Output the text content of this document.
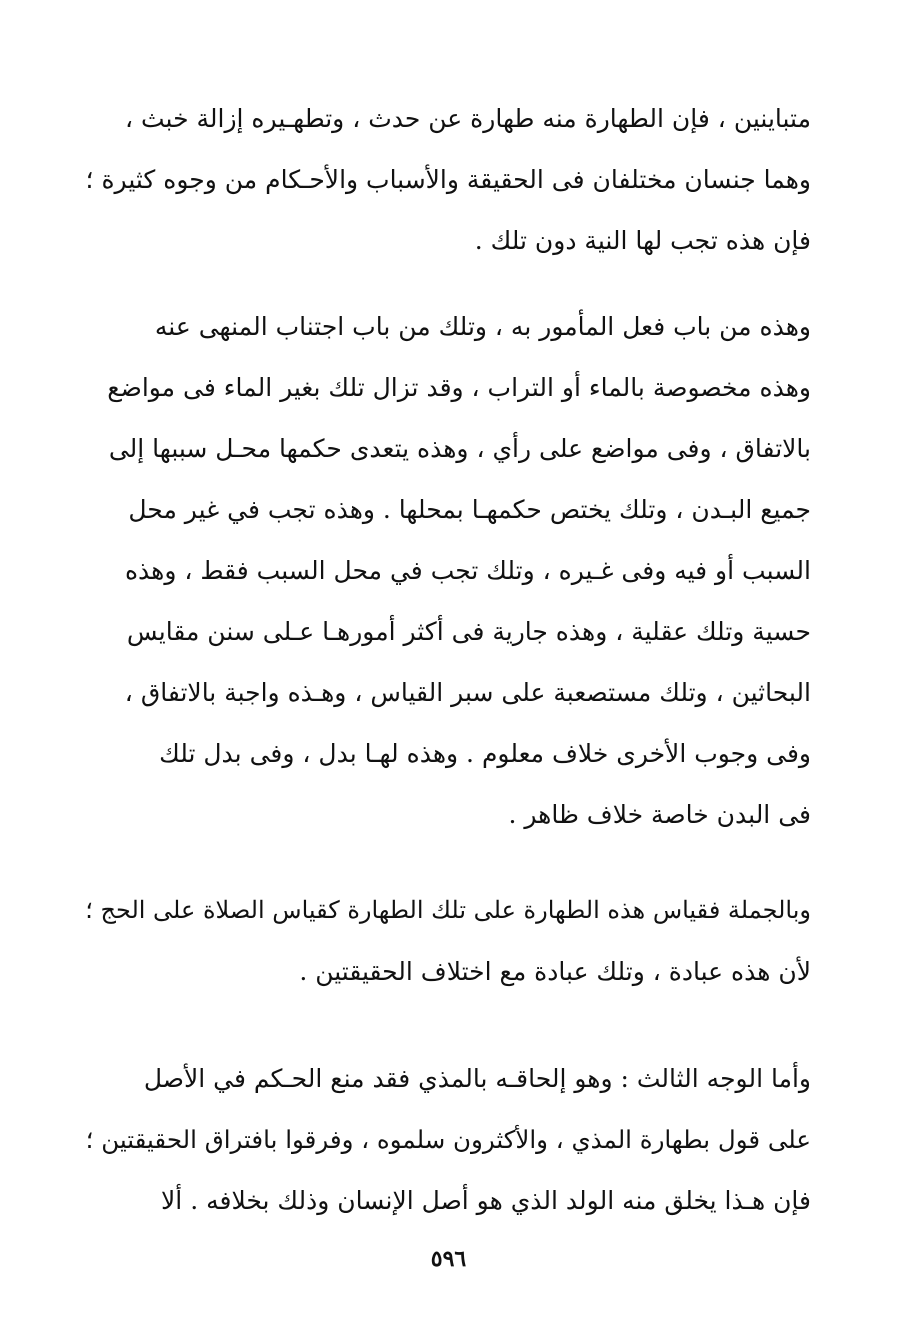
متباينين ، فإن الطهارة منه طهارة عن حدث ، وتطهـيره إزالة خبث ،
وهما جنسان مختلفان فى الحقيقة والأسباب والأحـكام من وجوه كثيرة ؛
فإن هذه تجب لها النية دون تلك .
وهذه من باب فعل المأمور به ، وتلك من باب اجتناب المنهى عنه
وهذه مخصوصة بالماء أو التراب ، وقد تزال تلك بغير الماء فى مواضع
بالاتفاق ، وفى مواضع على رأي ، وهذه يتعدى حكمها محـل سببها إلى
جميع البـدن ، وتلك يختص حكمهـا بمحلها . وهذه تجب في غير محل
السبب أو فيه وفى غـيره ، وتلك تجب في محل السبب فقط ، وهذه
حسية وتلك عقلية ، وهذه جارية فى أكثر أمورهـا عـلى سنن مقايس
البحاثين ، وتلك مستصعبة على سبر القياس ، وهـذه واجبة بالاتفاق ،
وفى وجوب الأخرى خلاف معلوم . وهذه لهـا بدل ، وفى بدل تلك
فى البدن خاصة خلاف ظاهر .
وبالجملة فقياس هذه الطهارة على تلك الطهارة كقياس الصلاة على الحج ؛
لأن هذه عبادة ، وتلك عبادة مع اختلاف الحقيقتين .
وأما الوجه الثالث : وهو إلحاقـه بالمذي فقد منع الحـكم في الأصل
على قول بطهارة المذي ، والأكثرون سلموه ، وفرقوا بافتراق الحقيقتين ؛
فإن هـذا يخلق منه الولد الذي هو أصل الإنسان وذلك بخلافه . ألا
٥٩٦
